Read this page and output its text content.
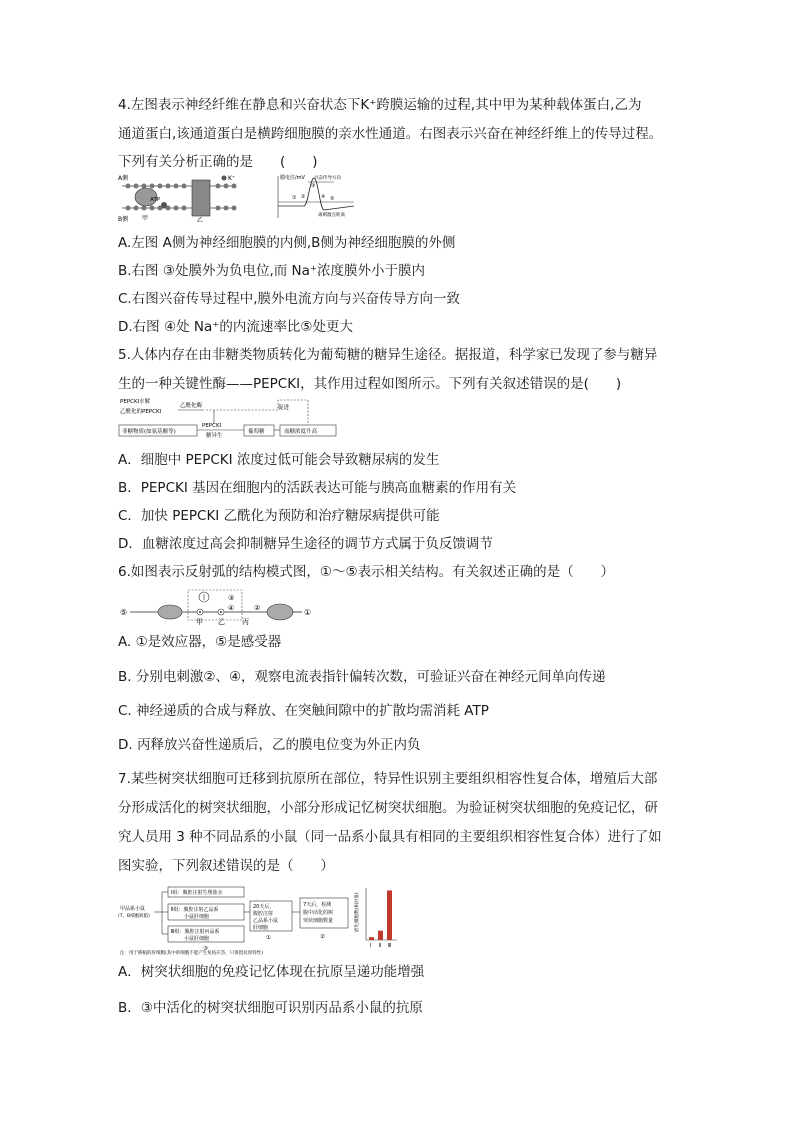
4.左图表示神经纤维在静息和兴奋状态下K⁺跨膜运输的过程,其中甲为某种载体蛋白,乙为
通道蛋白,该通道蛋白是横跨细胞膜的亲水性通道。右图表示兴奋在神经纤维上的传导过程。
下列有关分析正确的是　　(　　)
A侧
B侧
ATP
K⁺
甲	乙
膜电位/mV 兴奋传导方向
离刺激点距离
① ②
③
④ ⑤
A.左图 A侧为神经细胞膜的内侧,B侧为神经细胞膜的外侧
B.右图 ③处膜外为负电位,而 Na⁺浓度膜外小于膜内
C.右图兴奋传导过程中,膜外电流方向与兴奋传导方向一致
D.右图 ④处 Na⁺的内流速率比⑤处更大
5.人体内存在由非糖类物质转化为葡萄糖的糖异生途径。据报道，科学家已发现了参与糖异
生的一种关键性酶——PEPCKI，其作用过程如图所示。下列有关叙述错误的是(　　)
PEPCKI水解
乙酰化的PEPCKI
乙酰化酶	促进
非糖物质(如氨基酸等)
PEPCKI
糖异生
葡萄糖	血糖浓度升高
A．细胞中 PEPCKI 浓度过低可能会导致糖尿病的发生
B．PEPCKI 基因在细胞内的活跃表达可能与胰高血糖素的作用有关
C．加快 PEPCKI 乙酰化为预防和治疗糖尿病提供可能
D．血糖浓度过高会抑制糖异生途径的调节方式属于负反馈调节
6.如图表示反射弧的结构模式图，①～⑤表示相关结构。有关叙述正确的是（　　）
⑤	①
③
④	②
甲 乙 丙
A. ①是效应器，⑤是感受器
B. 分别电刺激②、④，观察电流表指针偏转次数，可验证兴奋在神经元间单向传递
C. 神经递质的合成与释放、在突触间隙中的扩散均需消耗 ATP
D. 丙释放兴奋性递质后，乙的膜电位变为外正内负
7.某些树突状细胞可迁移到抗原所在部位，特异性识别主要组织相容性复合体，增殖后大部
分形成活化的树突状细胞，小部分形成记忆树突状细胞。为验证树突状细胞的免疫记忆，研
究人员用 3 种不同品系的小鼠（同一品系小鼠具有相同的主要组织相容性复合体）进行了如
图实验，下列叙述错误的是（　　）
甲品系小鼠
(T、B细胞缺陷)
Ⅰ组：腹腔注射生理盐水
Ⅱ组：腹腔注射乙品系
小鼠肝细胞
Ⅲ组：腹腔注射丙品系
小鼠肝细胞
③
20天后，
腹腔注射
乙品系小鼠
肝细胞
①
7天后，检测
腹中活化的树
突状细胞数量
②
注：用于移植的肝细胞(其中的细胞不能产生免疫应答，只保留抗原特性)
活化细胞数(相对值)
Ⅰ Ⅱ Ⅲ
A．树突状细胞的免疫记忆体现在抗原呈递功能增强
B．③中活化的树突状细胞可识别丙品系小鼠的抗原
